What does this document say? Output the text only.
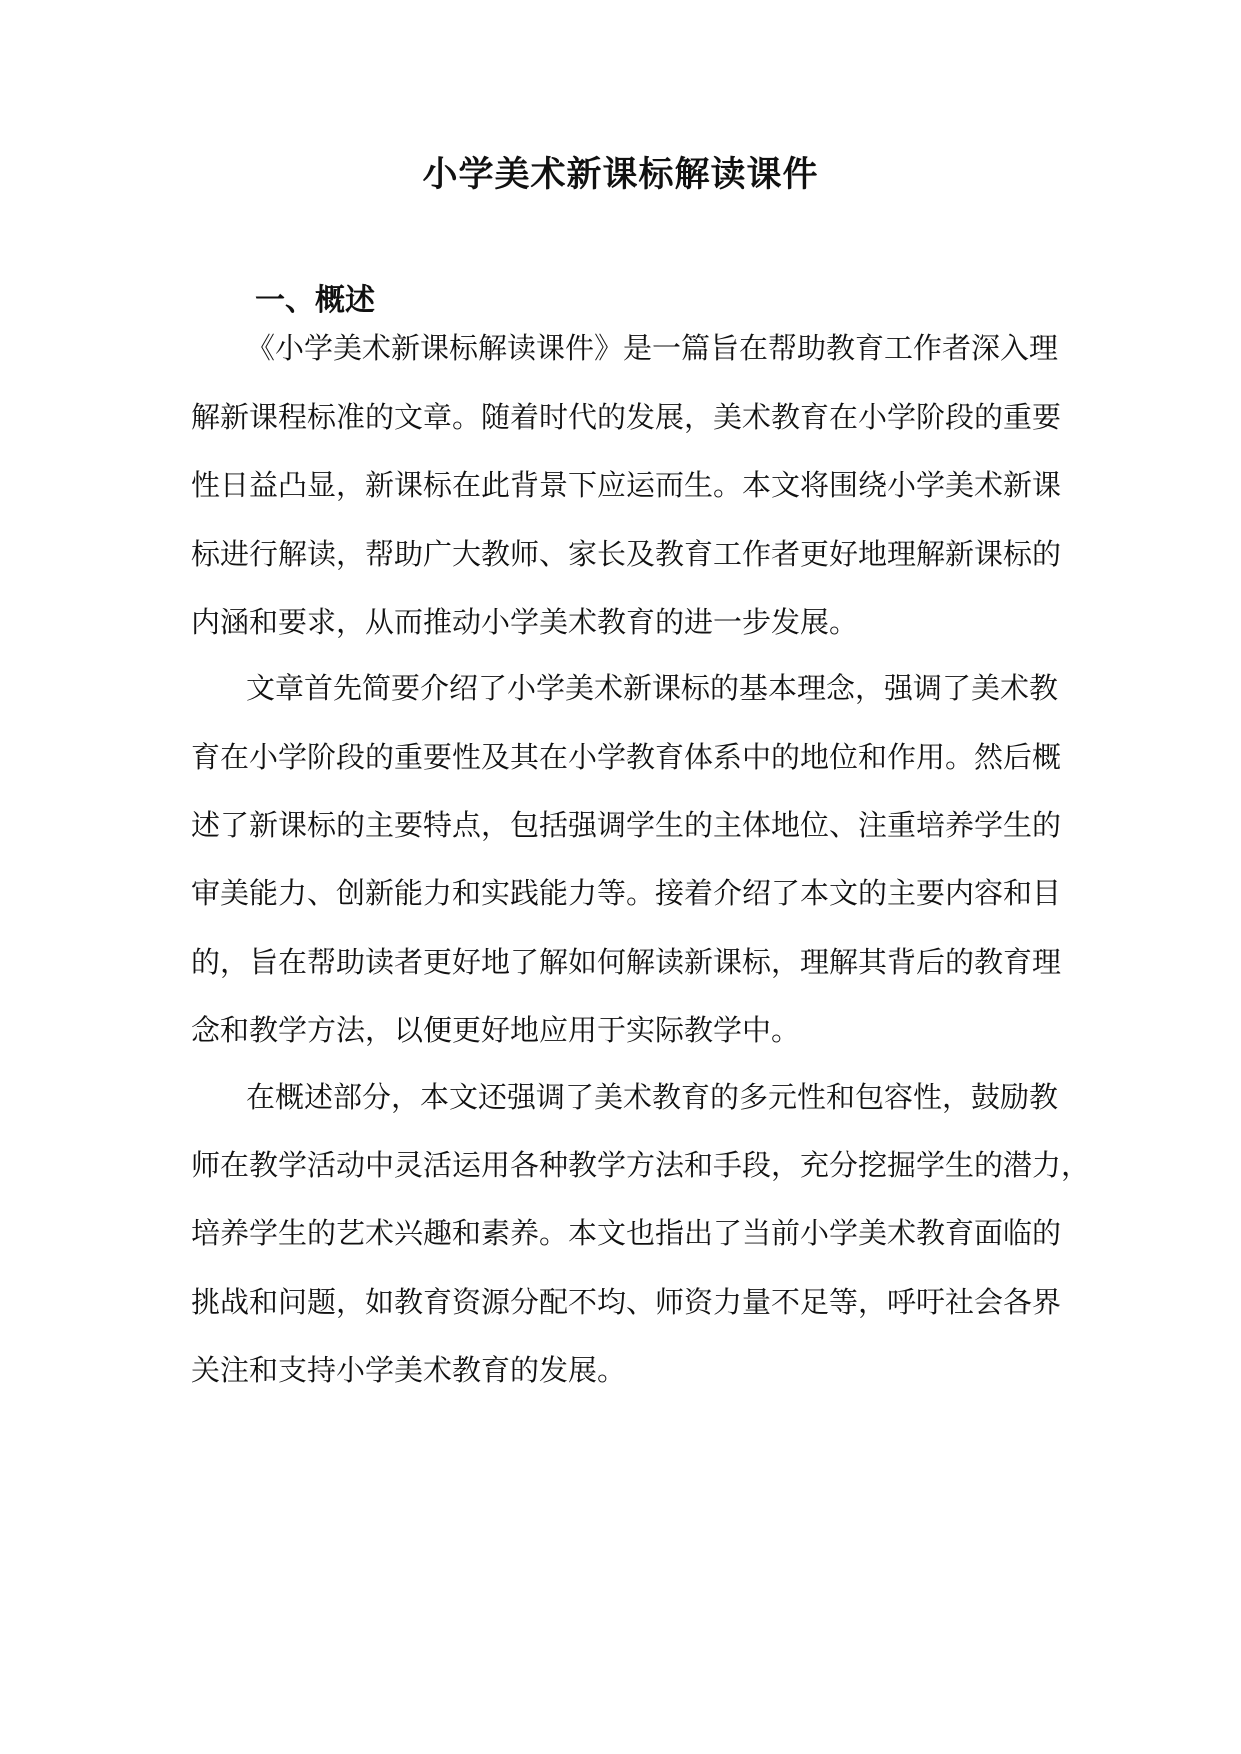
小学美术新课标解读课件
一、概述
《小学美术新课标解读课件》是一篇旨在帮助教育工作者深入理
解新课程标准的文章。随着时代的发展，美术教育在小学阶段的重要
性日益凸显，新课标在此背景下应运而生。本文将围绕小学美术新课
标进行解读，帮助广大教师、家长及教育工作者更好地理解新课标的
内涵和要求，从而推动小学美术教育的进一步发展。
文章首先简要介绍了小学美术新课标的基本理念，强调了美术教
育在小学阶段的重要性及其在小学教育体系中的地位和作用。然后概
述了新课标的主要特点，包括强调学生的主体地位、注重培养学生的
审美能力、创新能力和实践能力等。接着介绍了本文的主要内容和目
的，旨在帮助读者更好地了解如何解读新课标，理解其背后的教育理
念和教学方法，以便更好地应用于实际教学中。
在概述部分，本文还强调了美术教育的多元性和包容性，鼓励教
师在教学活动中灵活运用各种教学方法和手段，充分挖掘学生的潜力，
培养学生的艺术兴趣和素养。本文也指出了当前小学美术教育面临的
挑战和问题，如教育资源分配不均、师资力量不足等，呼吁社会各界
关注和支持小学美术教育的发展。
